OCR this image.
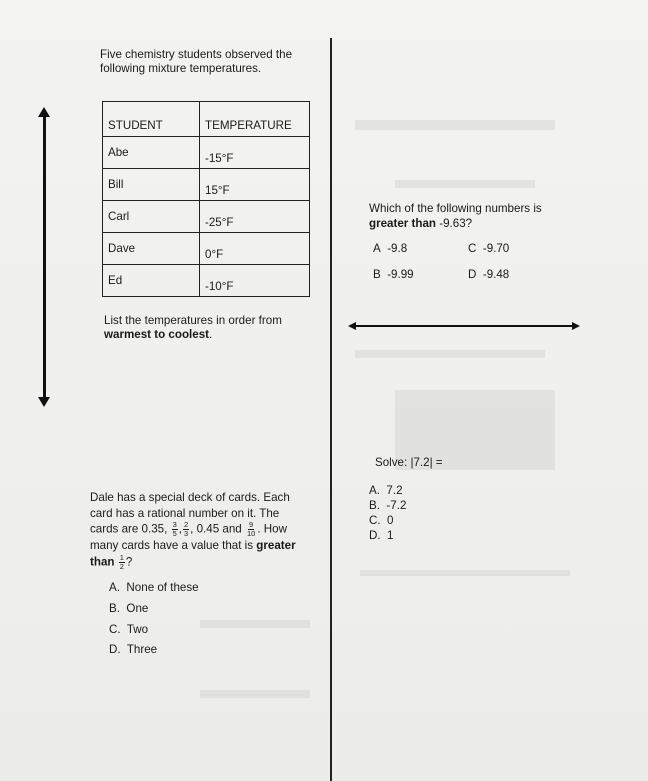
Five chemistry students observed the following mixture temperatures.

STUDENT	TEMPERATURE
Abe	-15°F
Bill	15°F
Carl	-25°F
Dave	0°F
Ed	-10°F

List the temperatures in order from warmest to coolest.

Dale has a special deck of cards. Each
card has a rational number on it. The
cards are 0.35, $\frac{3}{5}$ , $\frac{2}{3}$ , 0.45 and $\frac{9}{10}$ . How
many cards have a value that is greater
than $\frac{1}{2}$ ?
A. None of these
B. One
C. Two
D. Three
Which of the following numbers is
greater than -9.63?
A -9.8	C -9.70
B -9.99	D -9.48

Solve: |7.2| =

A. 7.2
B. -7.2
C. 0
D. 1
